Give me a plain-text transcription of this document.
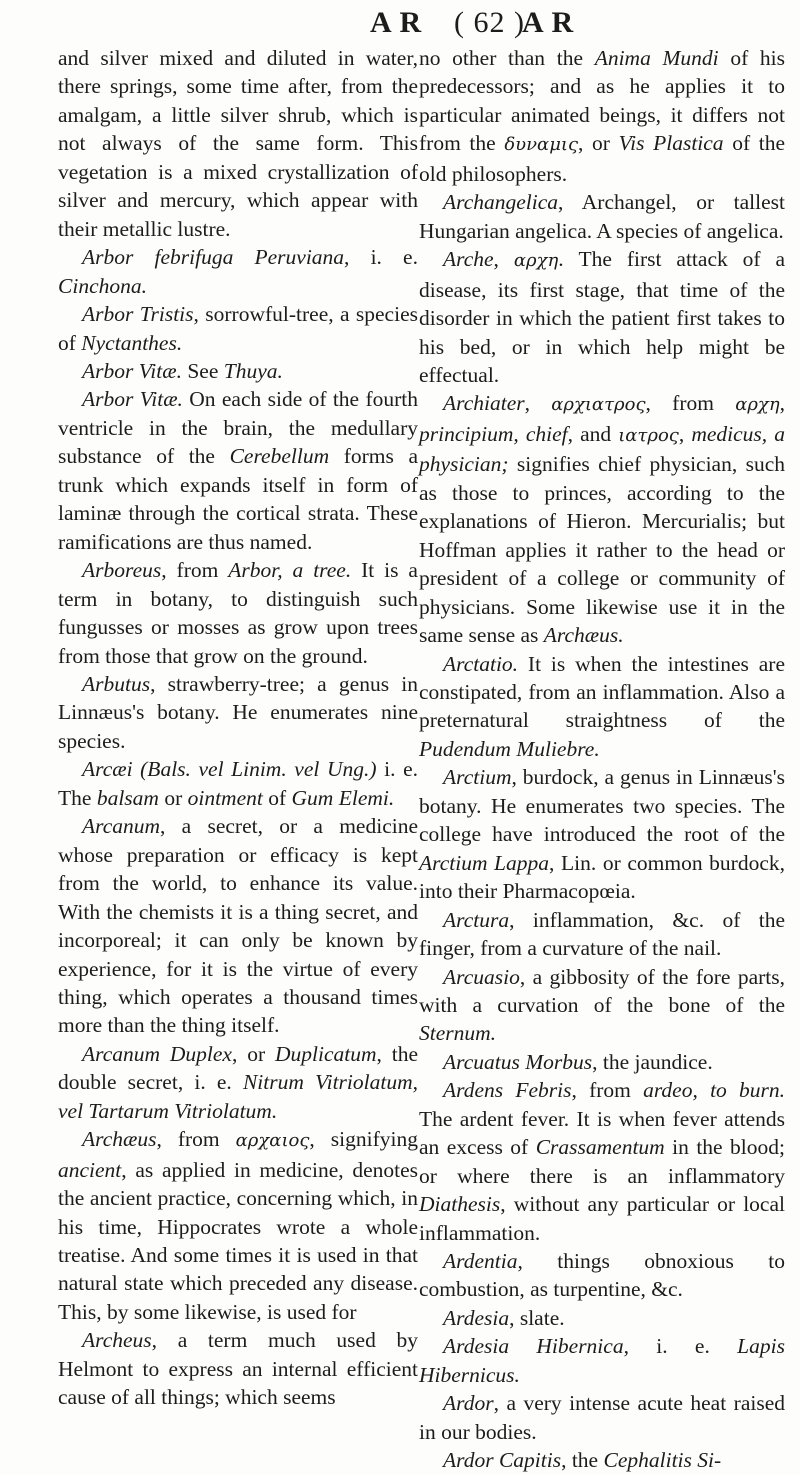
A R ( 62 )
A R

and silver mixed and diluted in water, there springs, some time after, from the amalgam, a little silver shrub, which is not always of the same form. This vegetation is a mixed crystallization of silver and mercury, which appear with their metallic lustre.

Arbor febrifuga Peruviana, i. e. Cinchona.

Arbor Tristis, sorrowful-tree, a species of Nyctanthes.

Arbor Vitæ. See Thuya.

Arbor Vitæ. On each side of the fourth ventricle in the brain, the medullary substance of the Cerebellum forms a trunk which expands itself in form of laminæ through the cortical strata. These ramifications are thus named.

Arboreus, from Arbor, a tree. It is a term in botany, to distinguish such fungusses or mosses as grow upon trees from those that grow on the ground.

Arbutus, strawberry-tree; a genus in Linnæus's botany. He enumerates nine species.

Arcæi (Bals. vel Linim. vel Ung.) i. e. The balsam or ointment of Gum Elemi.

Arcanum, a secret, or a medicine whose preparation or efficacy is kept from the world, to enhance its value. With the chemists it is a thing secret, and incorporeal; it can only be known by experience, for it is the virtue of every thing, which operates a thousand times more than the thing itself.

Arcanum Duplex, or Duplicatum, the double secret, i. e. Nitrum Vitriolatum, vel Tartarum Vitriolatum.

Archæus, from αρχαιος, signifying ancient, as applied in medicine, denotes the ancient practice, concerning which, in his time, Hippocrates wrote a whole treatise. And some times it is used in that natural state which preceded any disease. This, by some likewise, is used for

Archeus, a term much used by Helmont to express an internal efficient cause of all things; which seems

no other than the Anima Mundi of his predecessors; and as he applies it to particular animated beings, it differs not from the δυναμις, or Vis Plastica of the old philosophers.

Archangelica, Archangel, or tallest Hungarian angelica. A species of angelica.

Arche, αρχη. The first attack of a disease, its first stage, that time of the disorder in which the patient first takes to his bed, or in which help might be effectual.

Archiater, αρχιατρος, from αρχη, principium, chief, and ιατρος, medicus, a physician; signifies chief physician, such as those to princes, according to the explanations of Hieron. Mercurialis; but Hoffman applies it rather to the head or president of a college or community of physicians. Some likewise use it in the same sense as Archæus.

Arctatio. It is when the intestines are constipated, from an inflammation. Also a preternatural straightness of the Pudendum Muliebre.

Arctium, burdock, a genus in Linnæus's botany. He enumerates two species. The college have introduced the root of the Arctium Lappa, Lin. or common burdock, into their Pharmacopœia.

Arctura, inflammation, &c. of the finger, from a curvature of the nail.

Arcuasio, a gibbosity of the fore parts, with a curvation of the bone of the Sternum.

Arcuatus Morbus, the jaundice.

Ardens Febris, from ardeo, to burn. The ardent fever. It is when fever attends an excess of Crassamentum in the blood; or where there is an inflammatory Diathesis, without any particular or local inflammation.

Ardentia, things obnoxious to combustion, as turpentine, &c.

Ardesia, slate.

Ardesia Hibernica, i. e. Lapis Hibernicus.

Ardor, a very intense acute heat raised in our bodies.

Ardor Capitis, the Cephalitis Si-
